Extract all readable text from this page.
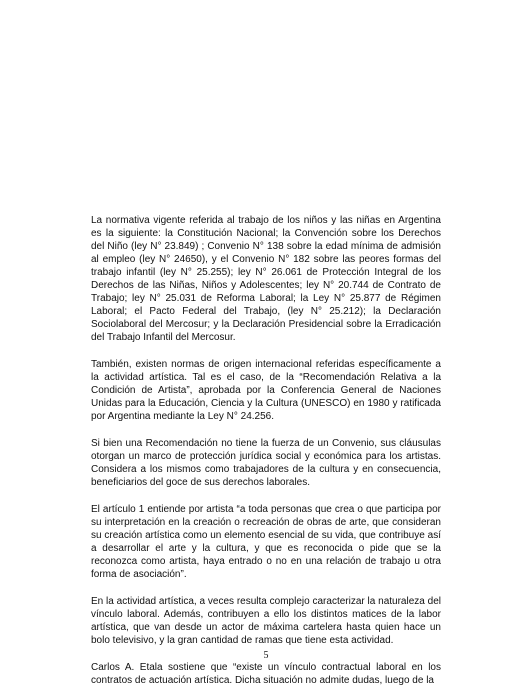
La normativa vigente referida al trabajo de los niños y las niñas en Argentina es la siguiente: la Constitución Nacional; la Convención sobre los Derechos del Niño (ley N° 23.849) ; Convenio N° 138 sobre la edad mínima de admisión al empleo (ley N° 24650), y el Convenio N° 182 sobre las peores formas del trabajo infantil (ley N° 25.255); ley N° 26.061 de Protección Integral de los Derechos de las Niñas, Niños y Adolescentes; ley N° 20.744 de Contrato de Trabajo; ley N° 25.031 de Reforma Laboral; la Ley N° 25.877 de Régimen Laboral; el Pacto Federal del Trabajo, (ley N° 25.212); la Declaración Sociolaboral del Mercosur; y la Declaración Presidencial sobre la Erradicación del Trabajo Infantil del Mercosur.

También, existen normas de origen internacional referidas específicamente a la actividad artística. Tal es el caso, de la “Recomendación Relativa a la Condición de Artista”, aprobada por la Conferencia General de Naciones Unidas para la Educación, Ciencia y la Cultura (UNESCO) en 1980 y ratificada por Argentina mediante la Ley N° 24.256.

Si bien una Recomendación no tiene la fuerza de un Convenio, sus cláusulas otorgan un marco de protección jurídica social y económica para los artistas. Considera a los mismos como trabajadores de la cultura y en consecuencia, beneficiarios del goce de sus derechos laborales.

El artículo 1 entiende por artista “a toda personas que crea o que participa por su interpretación en la creación o recreación de obras de arte, que consideran su creación artística como un elemento esencial de su vida, que contribuye así a desarrollar el arte y la cultura, y que es reconocida o pide que se la reconozca como artista, haya entrado o no en una relación de trabajo u otra forma de asociación”.

En la actividad artística, a veces resulta complejo caracterizar la naturaleza del vínculo laboral. Además, contribuyen a ello los distintos matices de la labor artística, que van desde un actor de máxima cartelera hasta quien hace un bolo televisivo, y la gran cantidad de ramas que tiene esta actividad.

Carlos A. Etala sostiene que “existe un vínculo contractual laboral en los contratos de actuación artística. Dicha situación no admite dudas, luego de la

5
